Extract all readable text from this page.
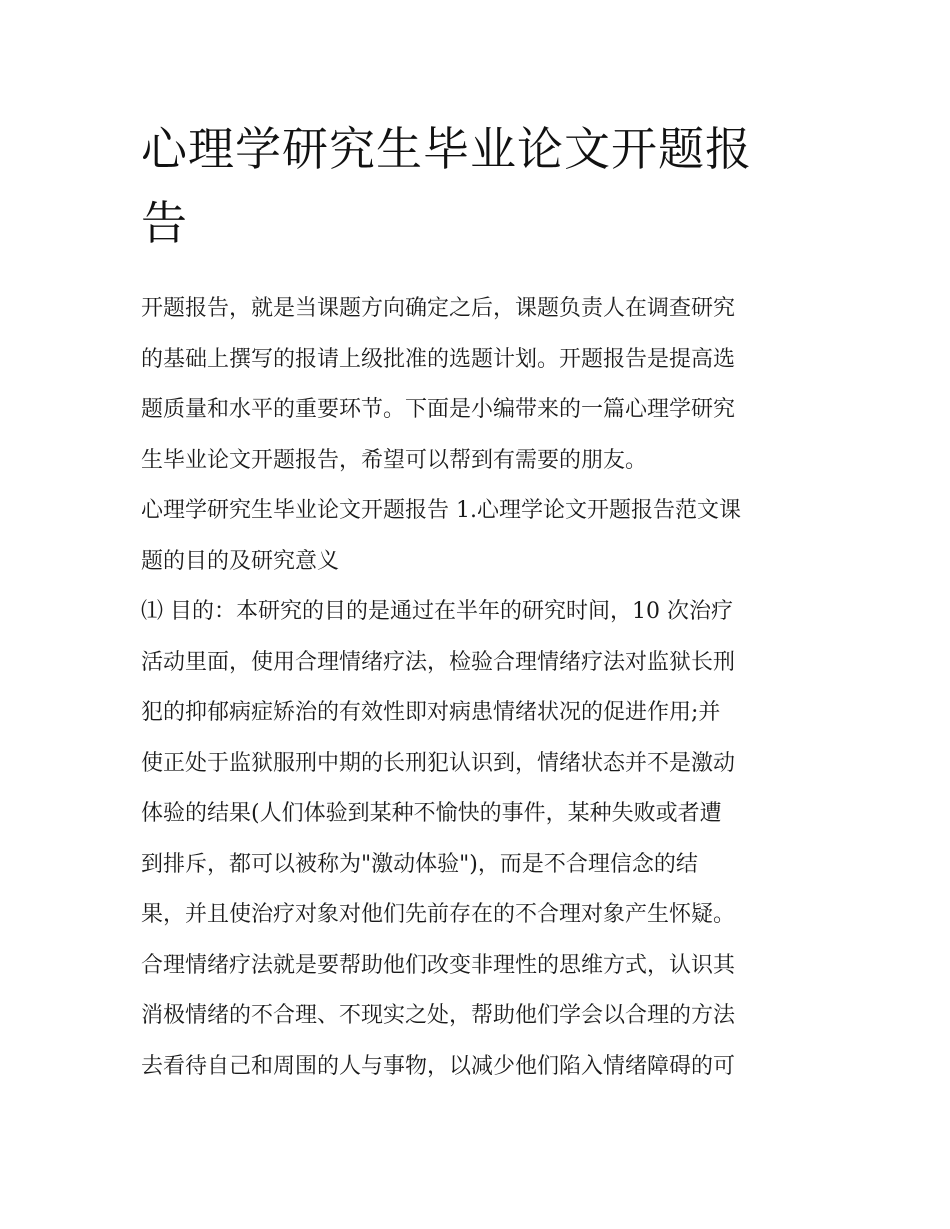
心理学研究生毕业论文开题报
告

开题报告，就是当课题方向确定之后，课题负责人在调查研究
的基础上撰写的报请上级批准的选题计划。开题报告是提高选
题质量和水平的重要环节。下面是小编带来的一篇心理学研究
生毕业论文开题报告，希望可以帮到有需要的朋友。

心理学研究生毕业论文开题报告 1.心理学论文开题报告范文课
题的目的及研究意义

⑴ 目的：本研究的目的是通过在半年的研究时间，10 次治疗
活动里面，使用合理情绪疗法，检验合理情绪疗法对监狱长刑
犯的抑郁病症矫治的有效性即对病患情绪状况的促进作用;并
使正处于监狱服刑中期的长刑犯认识到，情绪状态并不是激动
体验的结果(人们体验到某种不愉快的事件，某种失败或者遭
到排斥，都可以被称为"激动体验")，而是不合理信念的结
果，并且使治疗对象对他们先前存在的不合理对象产生怀疑。
合理情绪疗法就是要帮助他们改变非理性的思维方式，认识其
消极情绪的不合理、不现实之处，帮助他们学会以合理的方法
去看待自己和周围的人与事物，以减少他们陷入情绪障碍的可
